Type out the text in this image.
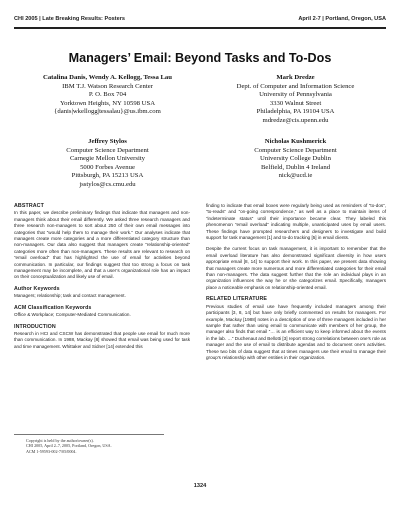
CHI 2005 | Late Breaking Results: Posters	April 2-7 | Portland, Oregon, USA
Managers’ Email: Beyond Tasks and To-Dos
Catalina Danis, Wendy A. Kellogg, Tessa Lau
IBM T.J. Watson Research Center
P. O. Box 704
Yorktown Heights, NY 10598 USA
{danis|wkellogg|tessalau}@us.ibm.com
Mark Dredze
Dept. of Computer and Information Science
University of Pennsylvania
3330 Walnut Street
Philadelphia, PA 19104 USA
mdredze@cis.upenn.edu
Jeffrey Stylos
Computer Science Department
Carnegie Mellon University
5000 Forbes Avenue
Pittsburgh, PA 15213 USA
jsstylos@cs.cmu.edu
Nicholas Kushmerick
Computer Science Department
University College Dublin
Belfield, Dublin 4 Ireland
nick@ucd.ie
ABSTRACT

In this paper, we describe preliminary findings that indicate that managers and non-managers think about their email differently. We asked three research managers and three research non-managers to sort about 250 of their own email messages into categories that “would help them to manage their work.” Our analyses indicate that managers create more categories and a more differentiated category structure than non-managers. Our data also suggest that managers create “relationship-oriented” categories more often than non-managers. These results are relevant to research on “email overload” that has highlighted the use of email for activities beyond communication. In particular, our findings suggest that too strong a focus on task management may be incomplete, and that a user’s organizational role has an impact on their conceptualization and likely use of email.

Author Keywords

Managers; relationship; task and contact management.

ACM Classification Keywords

Office & Workplace; Computer-Mediated Communication.

INTRODUCTION

Research in HCI and CSCW has demonstrated that people use email for much more than communication. In 1988, Mackay [8] showed that email was being used for task and time management. Whittaker and Sidner [14] extended this

Copyright is held by the author/owner(s).
CHI 2005, April 2–7, 2005, Portland, Oregon, USA.
ACM 1-59593-002-7/05/0004.

finding to indicate that email boxes were regularly being used as reminders of “to-dos”, “to-reads” and “on-going correspondence,” as well as a place to maintain items of “indeterminate status” until their importance became clear. They labeled this phenomenon “email overload” indicating multiple, unanticipated uses by email users. These findings have prompted researchers and designers to investigate and build support for task management [1] and to-do tracking [5] in email clients.

Despite the current focus on task management, it is important to remember that the email overload literature has also demonstrated significant diversity in how users appropriate email [8, 14] to support their work. In this paper, we present data showing that managers create more numerous and more differentiated categories for their email than non-managers. The data suggest further that the role an individual plays in an organization influences the way he or she categorizes email. Specifically, managers place a noticeable emphasis on relationship-oriented email.

RELATED LITERATURE

Previous studies of email use have frequently included managers among their participants [3, 8, 14] but have only briefly commented on results for managers. For example, Mackay [1988] notes in a description of one of three managers included in her sample that rather than using email to communicate with members of her group, the manager also finds that email “… is an efficient way to keep informed about the events in the lab. …” Duchenaut and Bellotti [3] report strong correlations between one’s role as manager and the use of email to distribute agendas and to document one’s activities. These two bits of data suggest that at times managers use their email to manage their group’s relationship with other entities in their organization.

1324
